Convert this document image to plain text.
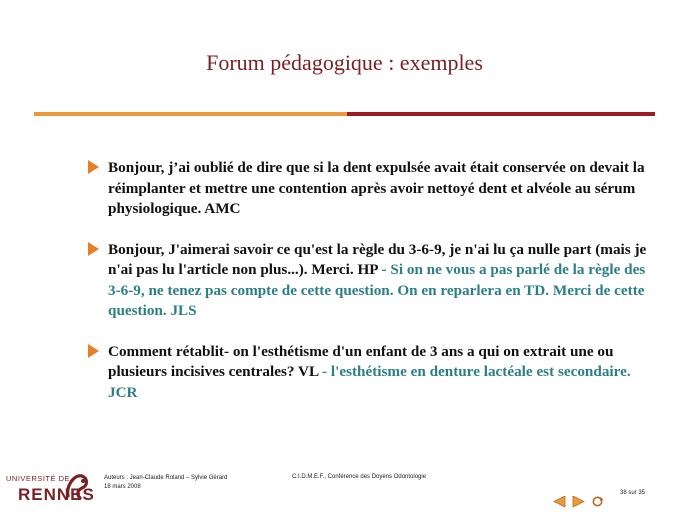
Forum pédagogique : exemples
Bonjour, j’ai oublié de dire que si la dent expulsée avait était conservée on devait la réimplanter et mettre une contention après avoir nettoyé dent et alvéole au sérum physiologique. AMC
Bonjour, J'aimerai savoir ce qu'est la règle du 3-6-9, je n'ai lu ça nulle part (mais je n'ai pas lu l'article non plus...). Merci. HP - Si on ne vous a pas parlé de la règle des 3-6-9, ne tenez pas compte de cette question. On en reparlera en TD. Merci de cette question. JLS
Comment rétablit- on l'esthétisme d'un enfant de 3 ans a qui on extrait une ou plusieurs incisives centrales? VL - l'esthétisme en denture lactéale est secondaire. JCR
UNIVERSITÉ DE
RENNES
Auteurs : Jean-Claude Roland – Sylvie Gérard
18 mars 2008
C.I.D.M.E.F., Conférence des Doyens Odontologie
38 sur 35
